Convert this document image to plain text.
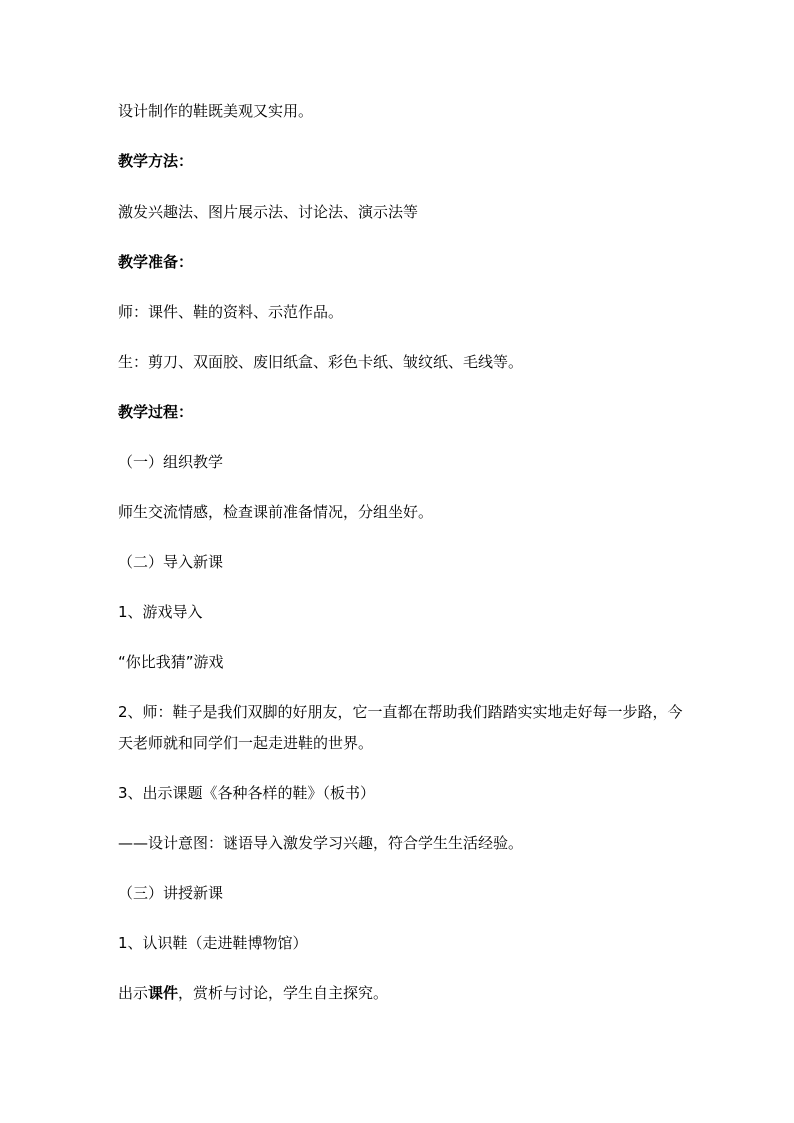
设计制作的鞋既美观又实用。

教学方法：

激发兴趣法、图片展示法、讨论法、演示法等

教学准备：

师：课件、鞋的资料、示范作品。

生：剪刀、双面胶、废旧纸盒、彩色卡纸、皱纹纸、毛线等。

教学过程：

（一）组织教学

师生交流情感，检查课前准备情况，分组坐好。

（二）导入新课

1、游戏导入

“你比我猜”游戏

2、师：鞋子是我们双脚的好朋友，它一直都在帮助我们踏踏实实地走好每一步路，今天老师就和同学们一起走进鞋的世界。

3、出示课题《各种各样的鞋》（板书）

——设计意图：谜语导入激发学习兴趣，符合学生生活经验。

（三）讲授新课

1、认识鞋（走进鞋博物馆）

出示课件，赏析与讨论，学生自主探究。
